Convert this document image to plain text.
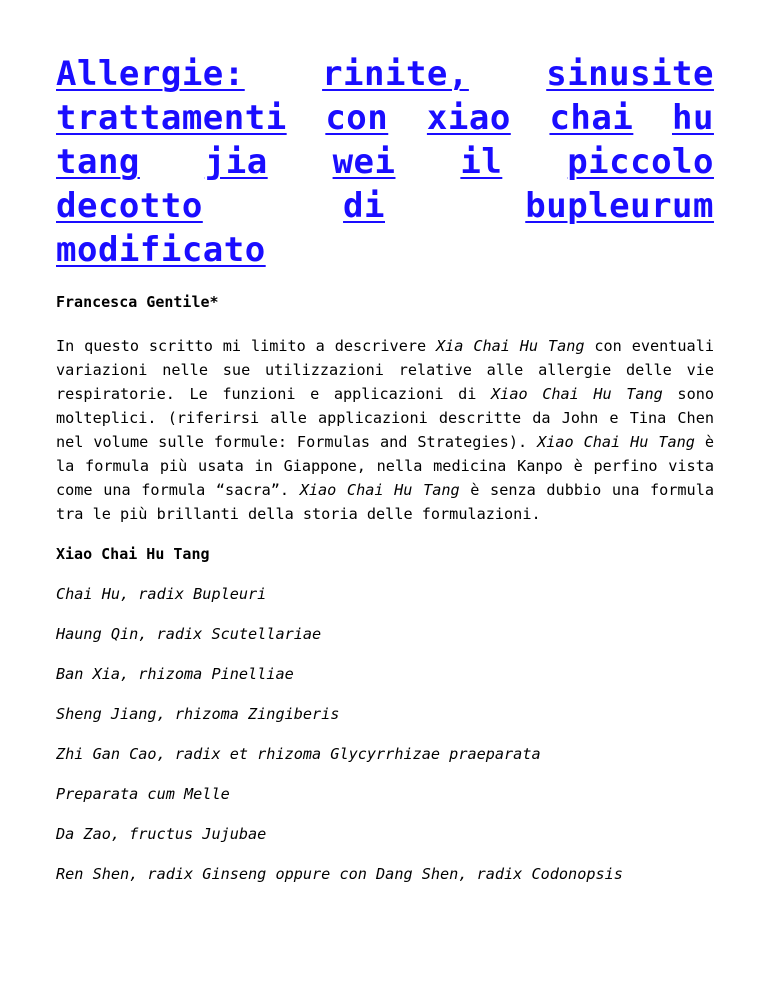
Allergie: rinite, sinusite
trattamenti con xiao chai hu
tang jia wei il piccolo
decotto	di	bupleurum
modificato

Francesca Gentile*

In questo scritto mi limito a descrivere Xia Chai Hu Tang con eventuali variazioni nelle sue utilizzazioni relative alle allergie delle vie respiratorie. Le funzioni e applicazioni di Xiao Chai Hu Tang sono molteplici. (riferirsi alle applicazioni descritte da John e Tina Chen nel volume sulle formule: Formulas and Strategies). Xiao Chai Hu Tang è la formula più usata in Giappone, nella medicina Kanpo è perfino vista come una formula “sacra”. Xiao Chai Hu Tang è senza dubbio una formula tra le più brillanti della storia delle formulazioni.

Xiao Chai Hu Tang

Chai Hu, radix Bupleuri

Haung Qin, radix Scutellariae

Ban Xia, rhizoma Pinelliae

Sheng Jiang, rhizoma Zingiberis

Zhi Gan Cao, radix et rhizoma Glycyrrhizae praeparata

Preparata cum Melle

Da Zao, fructus Jujubae

Ren Shen, radix Ginseng oppure con Dang Shen, radix Codonopsis
